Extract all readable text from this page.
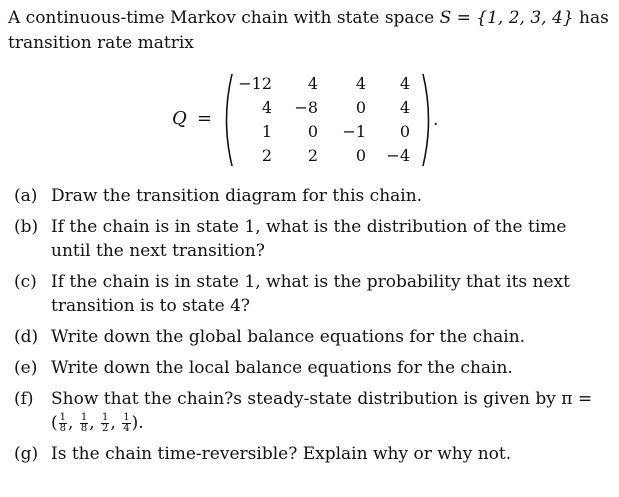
A continuous-time Markov chain with state space S = {1, 2, 3, 4} has
transition rate matrix
Q =
−12	4	4	4
4	−8	0	4
1	0	−1	0
2	2	0	−4
.
(a) Draw the transition diagram for this chain.
(b) If the chain is in state 1, what is the distribution of the time until the next transition?
(c) If the chain is in state 1, what is the probability that its next transition is to state 4?
(d) Write down the global balance equations for the chain.
(e) Write down the local balance equations for the chain.
(f) Show that the chain?s steady-state distribution is given by π =
( $\frac{1}{8}$ , $\frac{1}{8}$ , $\frac{1}{2}$ , $\frac{1}{4}$ ).
(g) Is the chain time-reversible? Explain why or why not.
